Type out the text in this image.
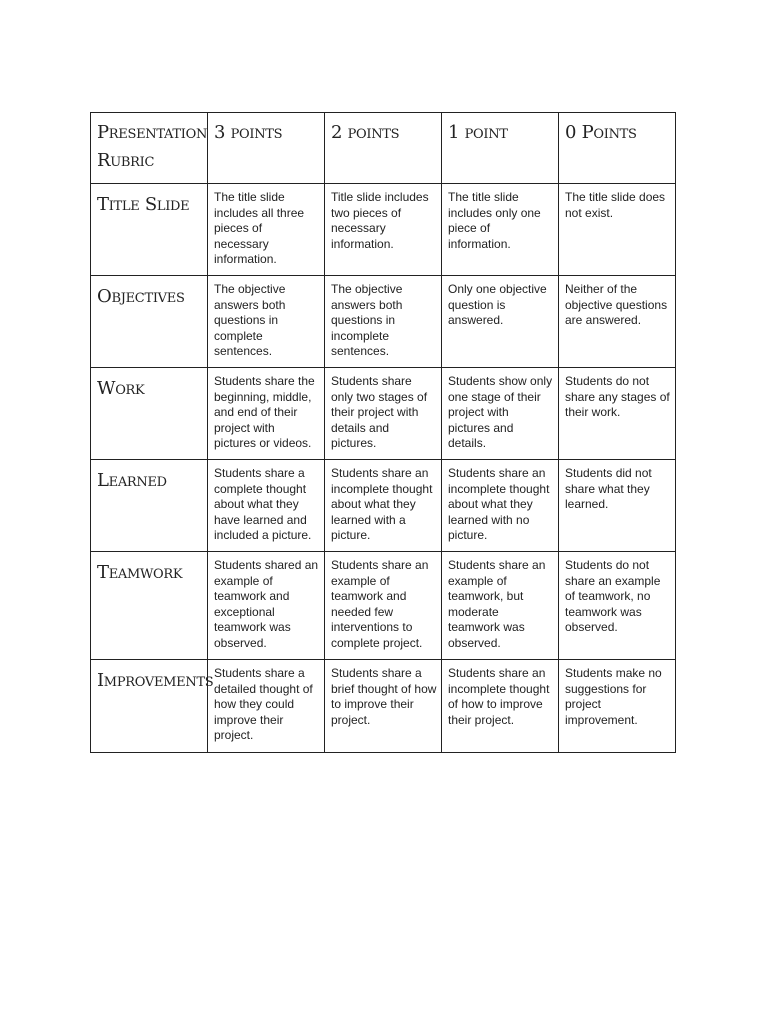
Presentation Rubric	3 points	2 points	1 point	0 Points
Title Slide	The title slide includes all three pieces of necessary information.	Title slide includes two pieces of necessary information.	The title slide includes only one piece of information.	The title slide does not exist.
Objectives	The objective answers both questions in complete sentences.	The objective answers both questions in incomplete sentences.	Only one objective question is answered.	Neither of the objective questions are answered.
Work	Students share the beginning, middle, and end of their project with pictures or videos.	Students share only two stages of their project with details and pictures.	Students show only one stage of their project with pictures and details.	Students do not share any stages of their work.
Learned	Students share a complete thought about what they have learned and included a picture.	Students share an incomplete thought about what they learned with a picture.	Students share an incomplete thought about what they learned with no picture.	Students did not share what they learned.
Teamwork	Students shared an example of teamwork and exceptional teamwork was observed.	Students share an example of teamwork and needed few interventions to complete project.	Students share an example of teamwork, but moderate teamwork was observed.	Students do not share an example of teamwork, no teamwork was observed.
Improvements	Students share a detailed thought of how they could improve their project.	Students share a brief thought of how to improve their project.	Students share an incomplete thought of how to improve their project.	Students make no suggestions for project improvement.
